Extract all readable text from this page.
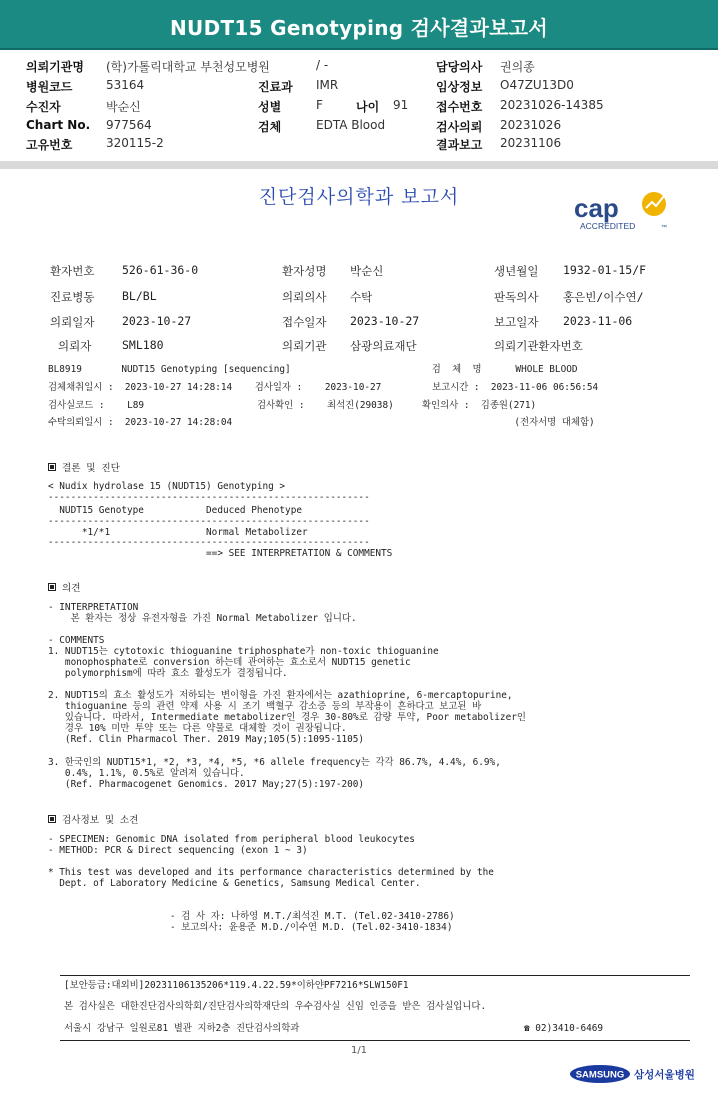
NUDT15 Genotyping 검사결과보고서
의뢰기관명 (학)가톨릭대학교 부천성모병원	/ -	담당의사 권의종
병원코드	53164	진료과 IMR	임상정보 O47ZU13D0
수진자	박순신	성별	F	나이 91 접수번호 20231026-14385
Chart No. 977564	검체	EDTA Blood	검사의뢰 20231026
고유번호	320115-2	결과보고 20231106
진단검사의학과 보고서	cap
ACCREDITED	™
환자번호 526-61-36-0	환자성명 박순신	생년월일 1932-01-15/F
진료병동 BL/BL	의뢰의사 수탁	판독의사 홍은빈/이수연/
의뢰일자 2023-10-27	접수일자 2023-10-27	보고일자 2023-11-06
의뢰자	SML180	의뢰기관 삼광의료재단	의뢰기관환자번호
BL8919       NUDT15 Genotyping [sequencing]                         검  체  명      WHOLE BLOOD
검체채취일시 :  2023-10-27 14:28:14    검사일자 :    2023-10-27         보고시간 :  2023-11-06 06:56:54
검사실코드 :    L89                    검사확인 :    최석진(29038)     확인의사 :  김종원(271)
수탁의뢰일시 :  2023-10-27 14:28:04                                                  (전자서명 대체함)
결론 및 진단
< Nudix hydrolase 15 (NUDT15) Genotyping >
---------------------------------------------------------
NUDT15 Genotype           Deduced Phenotype
---------------------------------------------------------
*1/*1                 Normal Metabolizer
---------------------------------------------------------
==> SEE INTERPRETATION & COMMENTS
의견
- INTERPRETATION
본 환자는 정상 유전자형을 가진 Normal Metabolizer 입니다.
- COMMENTS
1. NUDT15는 cytotoxic thioguanine triphosphate가 non-toxic thioguanine
monophosphate로 conversion 하는데 관여하는 효소로서 NUDT15 genetic
polymorphism에 따라 효소 활성도가 결정됩니다.
2. NUDT15의 효소 활성도가 저하되는 변이형을 가진 환자에서는 azathioprine, 6-mercaptopurine,
thioguanine 등의 관련 약제 사용 시 조기 백혈구 감소증 등의 부작용이 흔하다고 보고된 바
있습니다. 따라서, Intermediate metabolizer인 경우 30-80%로 감량 투약, Poor metabolizer인
경우 10% 미만 투약 또는 다른 약물로 대체할 것이 권장됩니다.
(Ref. Clin Pharmacol Ther. 2019 May;105(5):1095-1105)
3. 한국인의 NUDT15*1, *2, *3, *4, *5, *6 allele frequency는 각각 86.7%, 4.4%, 6.9%,
0.4%, 1.1%, 0.5%로 알려져 있습니다.
(Ref. Pharmacogenet Genomics. 2017 May;27(5):197-200)
검사정보 및 소견
- SPECIMEN: Genomic DNA isolated from peripheral blood leukocytes
- METHOD: PCR & Direct sequencing (exon 1 ~ 3)
* This test was developed and its performance characteristics determined by the
Dept. of Laboratory Medicine & Genetics, Samsung Medical Center.
- 검 사 자: 나하영 M.T./최석진 M.T. (Tel.02-3410-2786)
- 보고의사: 윤용준 M.D./이수연 M.D. (Tel.02-3410-1834)
[보안등급:대외비]20231106135206*119.4.22.59*이하얀PF7216*SLW150F1
본 검사실은 대한진단검사의학회/진단검사의학재단의 우수검사실 신임 인증을 받은 검사실입니다.
서울시 강남구 일원로81 별관 지하2층 진단검사의학과	☎ 02)3410-6469
1/1
SAMSUNG 삼성서울병원
